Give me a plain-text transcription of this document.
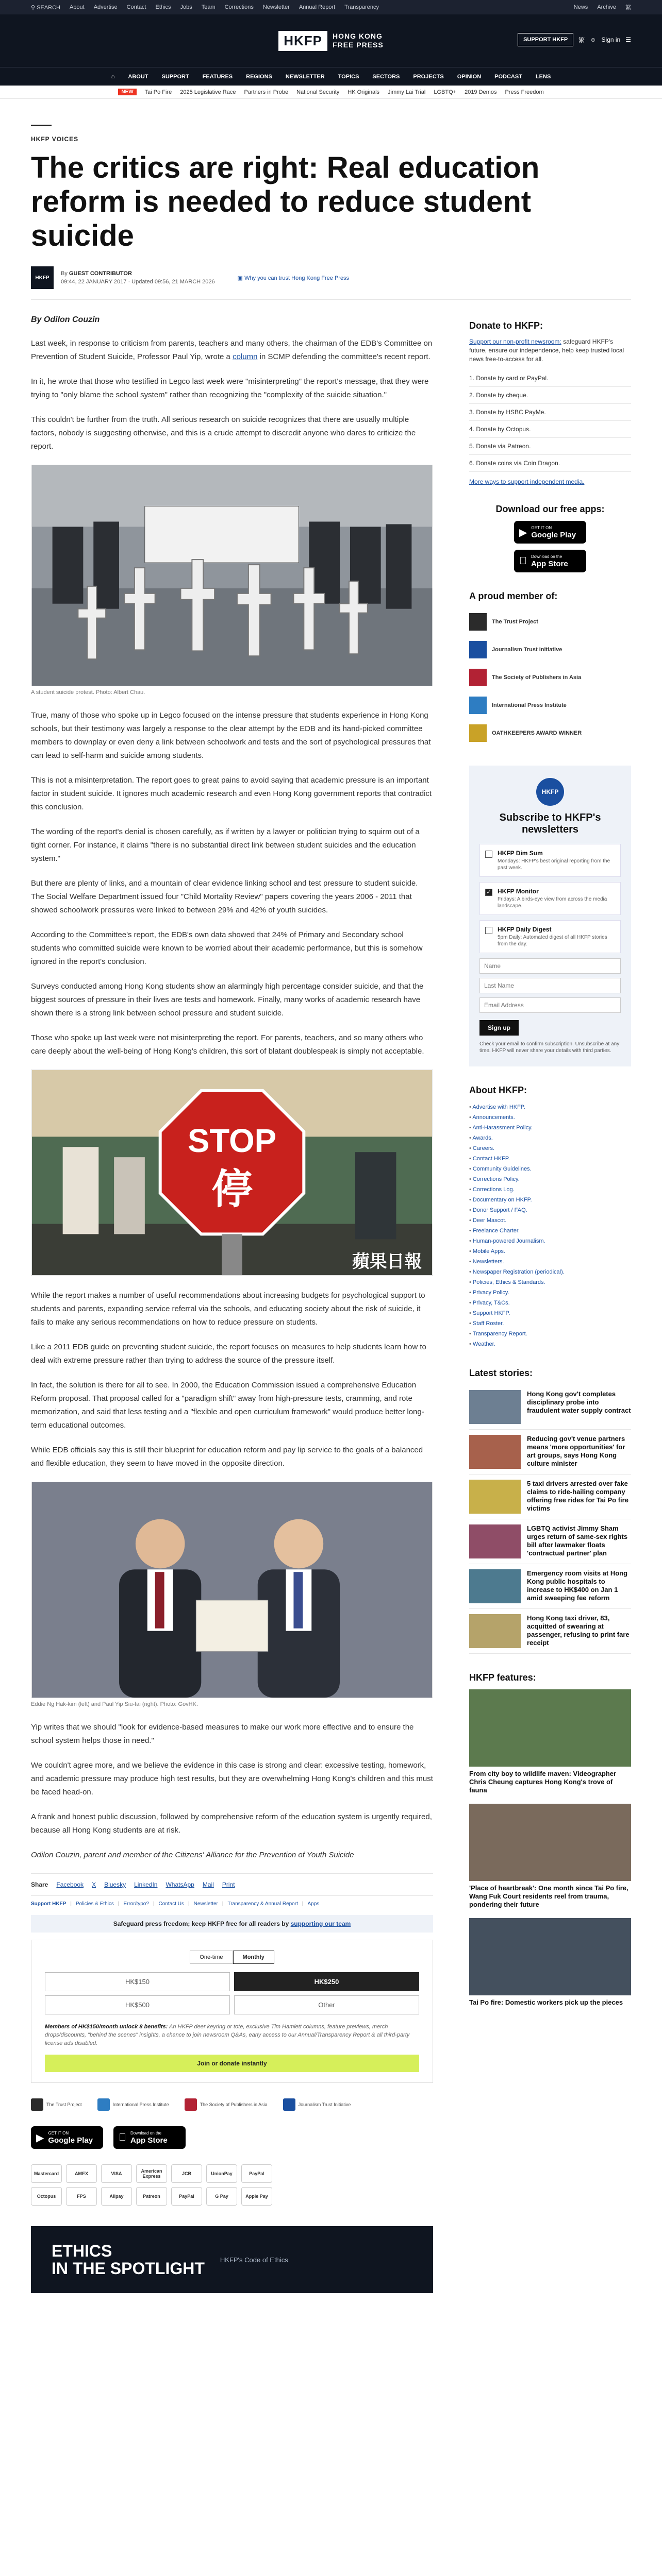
⚲ SEARCH About Advertise Contact Ethics Jobs Team Corrections Newsletter Annual Report Transparency	News Archive 繁
HKFP	HONG KONG
FREE PRESS
SUPPORT HKFP	繁 ☺ Sign in ☰
⌂ ABOUT SUPPORT FEATURES REGIONS NEWSLETTER TOPICS SECTORS PROJECTS OPINION PODCAST LENS
NEW	Tai Po Fire 2025 Legislative Race Partners in Probe National Security HK Originals Jimmy Lai Trial LGBTQ+ 2019 Demos Press Freedom
HKFP VOICES
The critics are right: Real education reform is needed to reduce student suicide
HKFP
By GUEST CONTRIBUTOR
09:44, 22 JANUARY 2017 · Updated 09:56, 21 MARCH 2026
▣ Why you can trust Hong Kong Free Press
By Odilon Couzin

Last week, in response to criticism from parents, teachers and many others, the chairman of the EDB's Committee on Prevention of Student Suicide, Professor Paul Yip, wrote a column in SCMP defending the committee's recent report.

In it, he wrote that those who testified in Legco last week were "misinterpreting" the report's message, that they were trying to "only blame the school system" rather than recognizing the "complexity of the suicide situation."

This couldn't be further from the truth. All serious research on suicide recognizes that there are usually multiple factors, nobody is suggesting otherwise, and this is a crude attempt to discredit anyone who dares to criticize the report.

A student suicide protest. Photo: Albert Chau.

True, many of those who spoke up in Legco focused on the intense pressure that students experience in Hong Kong schools, but their testimony was largely a response to the clear attempt by the EDB and its hand-picked committee members to downplay or even deny a link between schoolwork and tests and the sort of psychological pressures that can lead to self-harm and suicide among students.

This is not a misinterpretation. The report goes to great pains to avoid saying that academic pressure is an important factor in student suicide. It ignores much academic research and even Hong Kong government reports that contradict this conclusion.

The wording of the report's denial is chosen carefully, as if written by a lawyer or politician trying to squirm out of a tight corner. For instance, it claims "there is no substantial direct link between student suicides and the education system."

But there are plenty of links, and a mountain of clear evidence linking school and test pressure to student suicide. The Social Welfare Department issued four "Child Mortality Review" papers covering the years 2006 - 2011 that showed schoolwork pressures were linked to between 29% and 42% of youth suicides.

According to the Committee's report, the EDB's own data showed that 24% of Primary and Secondary school students who committed suicide were known to be worried about their academic performance, but this is somehow ignored in the report's conclusion.

Surveys conducted among Hong Kong students show an alarmingly high percentage consider suicide, and that the biggest sources of pressure in their lives are tests and homework. Finally, many works of academic research have shown there is a strong link between school pressure and student suicide.

Those who spoke up last week were not misinterpreting the report. For parents, teachers, and so many others who care deeply about the well-being of Hong Kong's children, this sort of blatant doublespeak is simply not acceptable.

STOP
停
蘋果日報

While the report makes a number of useful recommendations about increasing budgets for psychological support to students and parents, expanding service referral via the schools, and educating society about the risk of suicide, it fails to make any serious recommendations on how to reduce pressure on students.

Like a 2011 EDB guide on preventing student suicide, the report focuses on measures to help students learn how to deal with extreme pressure rather than trying to address the source of the pressure itself.

In fact, the solution is there for all to see. In 2000, the Education Commission issued a comprehensive Education Reform proposal. That proposal called for a "paradigm shift" away from high-pressure tests, cramming, and rote memorization, and said that less testing and a "flexible and open curriculum framework" would produce better long-term educational outcomes.

While EDB officials say this is still their blueprint for education reform and pay lip service to the goals of a balanced and flexible education, they seem to have moved in the opposite direction.

Eddie Ng Hak-kim (left) and Paul Yip Siu-fai (right). Photo: GovHK.

Yip writes that we should "look for evidence-based measures to make our work more effective and to ensure the school system helps those in need."

We couldn't agree more, and we believe the evidence in this case is strong and clear: excessive testing, homework, and academic pressure may produce high test results, but they are overwhelming Hong Kong's children and this must be faced head-on.

A frank and honest public discussion, followed by comprehensive reform of the education system is urgently required, because all Hong Kong students are at risk.

Odilon Couzin, parent and member of the Citizens' Alliance for the Prevention of Youth Suicide

Share Facebook X Bluesky LinkedIn WhatsApp Mail Print
Support HKFP | Policies & Ethics | Error/typo? | Contact Us | Newsletter | Transparency & Annual Report | Apps
Safeguard press freedom; keep HKFP free for all readers by supporting our team
One-time	Monthly
HK$150	HK$250
HK$500	Other
Members of HK$150/month unlock 8 benefits: An HKFP deer keyring or tote, exclusive Tim Hamlett columns, feature previews, merch drops/discounts, "behind the scenes" insights, a chance to join newsroom Q&As, early access to our Annual/Transparency Report & all third-party license ads disabled.
Join or donate instantly
The Trust Project	International Press Institute	The Society of Publishers in Asia	Journalism Trust Initiative
▶ GET IT ON
Google Play
Download on the
App Store
Mastercard	AMEX	VISA	American Express	JCB	UnionPay	PayPal
Octopus	FPS	Alipay	Patreon	PayPal	G Pay	Apple Pay
ETHICS
IN THE SPOTLIGHT HKFP's Code of Ethics
Donate to HKFP:
Support our non-profit newsroom: safeguard HKFP's future, ensure our independence, help keep trusted local news free-to-access for all.
1. Donate by card or PayPal.
2. Donate by cheque.
3. Donate by HSBC PayMe.
4. Donate by Octopus.
5. Donate via Patreon.
6. Donate coins via Coin Dragon.
More ways to support independent media.
Download our free apps:
▶ GET IT ON
Google Play
Download on the
App Store
A proud member of:
The Trust Project
Journalism Trust Initiative
The Society of Publishers in Asia
International Press Institute
OATHKEEPERS AWARD WINNER
HKFP
Subscribe to HKFP's newsletters
HKFP Dim Sum
Mondays: HKFP's best original reporting from the past week.
✓ HKFP Monitor
Fridays: A birds-eye view from across the media landscape.
HKFP Daily Digest
5pm Daily: Automated digest of all HKFP stories from the day.
Name Last Name Email Address
Sign up
Check your email to confirm subscription. Unsubscribe at any time. HKFP will never share your details with third parties.
About HKFP:
• Advertise with HKFP.
• Announcements.
• Anti-Harassment Policy.
• Awards.
• Careers.
• Contact HKFP.
• Community Guidelines.
• Corrections Policy.
• Corrections Log.
• Documentary on HKFP.
• Donor Support / FAQ.
• Deer Mascot.
• Freelance Charter.
• Human-powered Journalism.
• Mobile Apps.
• Newsletters.
• Newspaper Registration (periodical).
• Policies, Ethics & Standards.
• Privacy Policy.
• Privacy, T&Cs.
• Support HKFP.
• Staff Roster.
• Transparency Report.
• Weather.
Latest stories:
Hong Kong gov't completes disciplinary probe into fraudulent water supply contract
Reducing gov't venue partners means 'more opportunities' for art groups, says Hong Kong culture minister
5 taxi drivers arrested over fake claims to ride-hailing company offering free rides for Tai Po fire victims
LGBTQ activist Jimmy Sham urges return of same-sex rights bill after lawmaker floats 'contractual partner' plan
Emergency room visits at Hong Kong public hospitals to increase to HK$400 on Jan 1 amid sweeping fee reform
Hong Kong taxi driver, 83, acquitted of swearing at passenger, refusing to print fare receipt
HKFP features:
From city boy to wildlife maven: Videographer Chris Cheung captures Hong Kong's trove of fauna
'Place of heartbreak': One month since Tai Po fire, Wang Fuk Court residents reel from trauma, pondering their future
Tai Po fire: Domestic workers pick up the pieces
